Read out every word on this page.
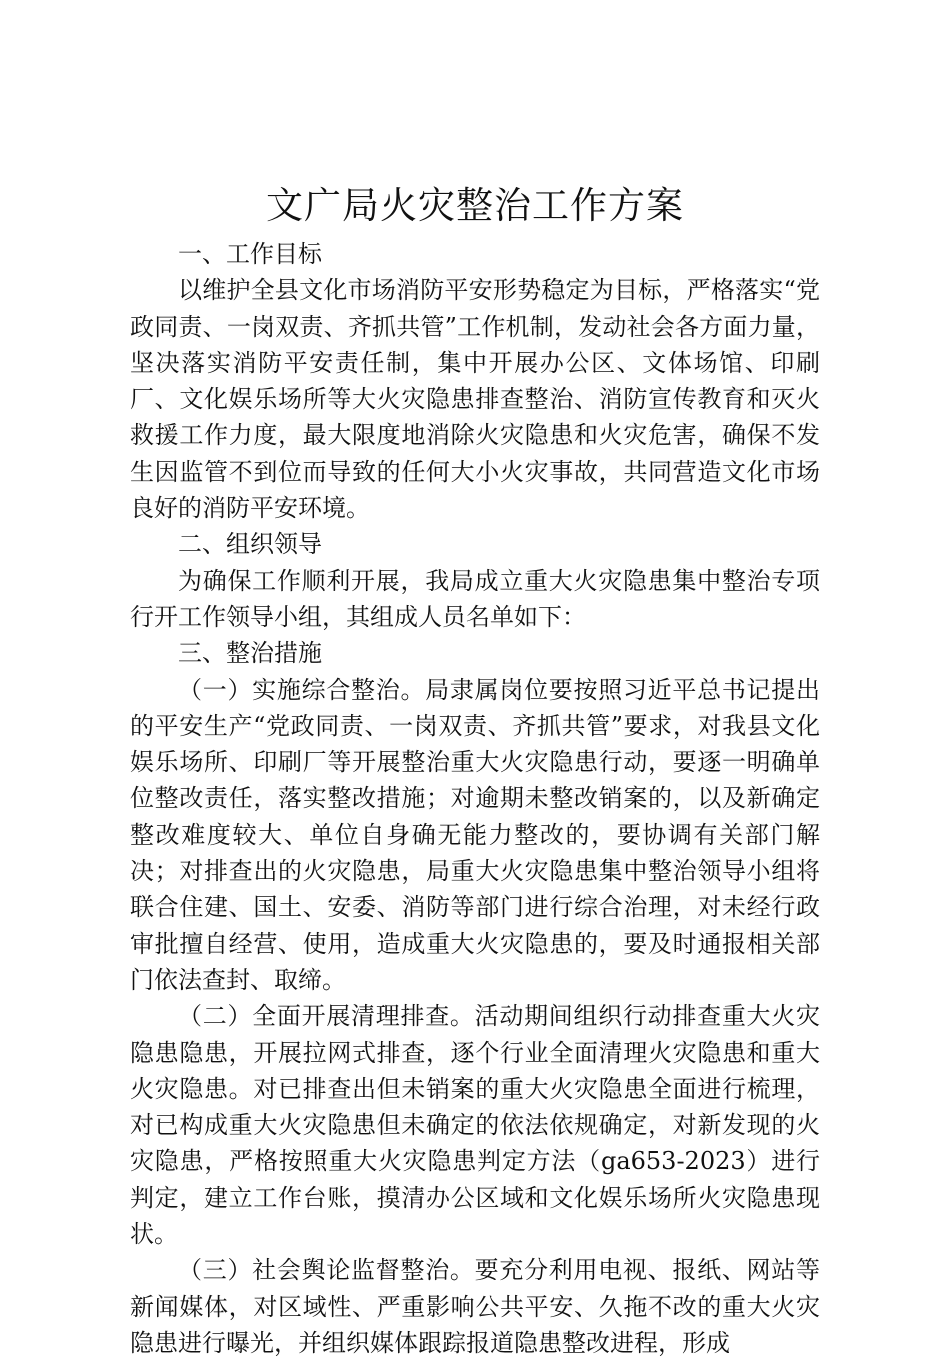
文广局火灾整治工作方案
一、工作目标

以维护全县文化市场消防平安形势稳定为目标，严格落实“党政同责、一岗双责、齐抓共管”工作机制，发动社会各方面力量，坚决落实消防平安责任制，集中开展办公区、文体场馆、印刷厂、文化娱乐场所等大火灾隐患排查整治、消防宣传教育和灭火救援工作力度，最大限度地消除火灾隐患和火灾危害，确保不发生因监管不到位而导致的任何大小火灾事故，共同营造文化市场良好的消防平安环境。

二、组织领导

为确保工作顺利开展，我局成立重大火灾隐患集中整治专项行开工作领导小组，其组成人员名单如下：

三、整治措施

（一）实施综合整治。局隶属岗位要按照习近平总书记提出的平安生产“党政同责、一岗双责、齐抓共管”要求，对我县文化娱乐场所、印刷厂等开展整治重大火灾隐患行动，要逐一明确单位整改责任，落实整改措施；对逾期未整改销案的，以及新确定整改难度较大、单位自身确无能力整改的，要协调有关部门解决；对排查出的火灾隐患，局重大火灾隐患集中整治领导小组将联合住建、国土、安委、消防等部门进行综合治理，对未经行政审批擅自经营、使用，造成重大火灾隐患的，要及时通报相关部门依法查封、取缔。

（二）全面开展清理排查。活动期间组织行动排查重大火灾隐患隐患，开展拉网式排查，逐个行业全面清理火灾隐患和重大火灾隐患。对已排查出但未销案的重大火灾隐患全面进行梳理，对已构成重大火灾隐患但未确定的依法依规确定，对新发现的火灾隐患，严格按照重大火灾隐患判定方法（ga653-2023）进行判定，建立工作台账，摸清办公区域和文化娱乐场所火灾隐患现状。

（三）社会舆论监督整治。要充分利用电视、报纸、网站等新闻媒体，对区域性、严重影响公共平安、久拖不改的重大火灾隐患进行曝光，并组织媒体跟踪报道隐患整改进程，形成
